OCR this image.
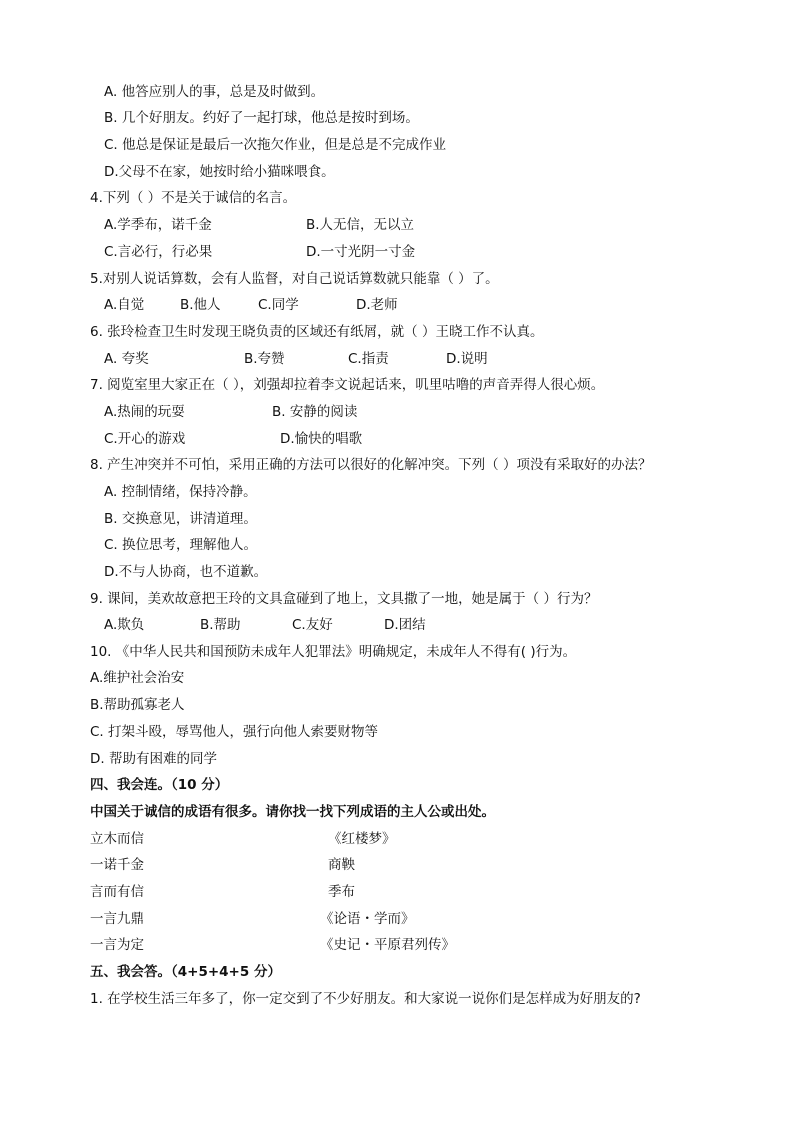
A. 他答应别人的事，总是及时做到。
B. 几个好朋友。约好了一起打球，他总是按时到场。
C. 他总是保证是最后一次拖欠作业，但是总是不完成作业
D.父母不在家，她按时给小猫咪喂食。
4.下列（ ）不是关于诚信的名言。
A.学季布，诺千金	B.人无信，无以立
C.言必行，行必果	D.一寸光阴一寸金
5.对别人说话算数，会有人监督，对自己说话算数就只能靠（ ）了。
A.自觉	B.他人	C.同学	D.老师
6. 张玲检查卫生时发现王晓负责的区域还有纸屑，就（ ）王晓工作不认真。
A. 夸奖	B.夸赞	C.指责	D.说明
7. 阅览室里大家正在（ ），刘强却拉着李文说起话来，叽里咕噜的声音弄得人很心烦。
A.热闹的玩耍	B. 安静的阅读
C.开心的游戏	D.愉快的唱歌
8. 产生冲突并不可怕，采用正确的方法可以很好的化解冲突。下列（ ）项没有采取好的办法？
A. 控制情绪，保持冷静。
B. 交换意见，讲清道理。
C. 换位思考，理解他人。
D.不与人协商，也不道歉。
9. 课间，美欢故意把王玲的文具盒碰到了地上，文具撒了一地，她是属于（ ）行为？
A.欺负	B.帮助	C.友好	D.团结
10. 《中华人民共和国预防未成年人犯罪法》明确规定，未成年人不得有( )行为。
A.维护社会治安
B.帮助孤寡老人
C. 打架斗殴，辱骂他人，强行向他人索要财物等
D. 帮助有困难的同学
四、我会连。（10 分）
中国关于诚信的成语有很多。请你找一找下列成语的主人公或出处。
立木而信	《红楼梦》
一诺千金	商鞅
言而有信	季布
一言九鼎	《论语・学而》
一言为定	《史记・平原君列传》
五、我会答。（4+5+4+5 分）
1. 在学校生活三年多了，你一定交到了不少好朋友。和大家说一说你们是怎样成为好朋友的?
